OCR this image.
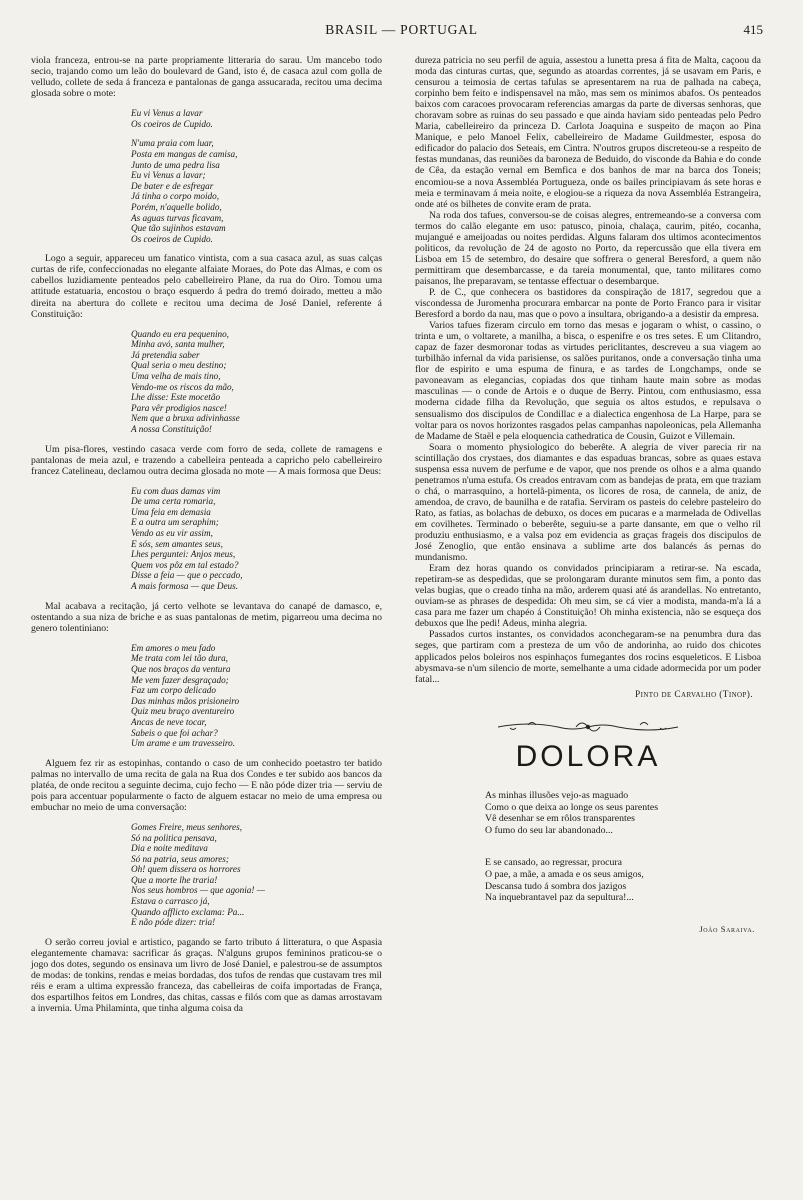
BRASIL — PORTUGAL	415

viola franceza, entrou-se na parte propriamente litteraria do sarau. Um mancebo todo secio, trajando como um leão do boulevard de Gand, isto é, de casaca azul com golla de velludo, collete de seda á franceza e pantalonas de ganga assucarada, recitou uma decima glosada sobre o mote:

Eu vi Venus a lavar
Os coeiros de Cupido.
N'uma praia com luar,
Posta em mangas de camisa,
Junto de uma pedra lisa
Eu vi Venus a lavar;
De bater e de esfregar
Já tinha o corpo moido,
Porém, n'aquelle bolido,
As aguas turvas ficavam,
Que tão sujinhos estavam
Os coeiros de Cupido.

Logo a seguir, appareceu um fanatico vintista, com a sua casaca azul, as suas calças curtas de rife, confeccionadas no elegante alfaiate Moraes, do Pote das Almas, e com os cabellos luzidiamente penteados pelo cabelleireiro Plane, da rua do Oiro. Tomou uma attitude estatuaria, encostou o braço esquerdo á pedra do tremó doirado, metteu a mão direita na abertura do collete e recitou uma decima de José Daniel, referente á Constituição:

Quando eu era pequenino,
Minha avó, santa mulher,
Já pretendia saber
Qual seria o meu destino;
Uma velha de mais tino,
Vendo-me os riscos da mão,
Lhe disse: Este mocetão
Para vêr prodigios nasce!
Nem que a bruxa adivinhasse
A nossa Constituição!

Um pisa-flores, vestindo casaca verde com forro de seda, collete de ramagens e pantalonas de meia azul, e trazendo a cabelleira penteada a capricho pelo cabelleireiro francez Catelineau, declamou outra decima glosada no mote — A mais formosa que Deus:

Eu com duas damas vim
De uma certa romaria,
Uma feia em demasia
E a outra um seraphim;
Vendo as eu vir assim,
E sós, sem amantes seus,
Lhes perguntei: Anjos meus,
Quem vos pôz em tal estado?
Disse a feia — que o peccado,
A mais formosa — que Deus.

Mal acabava a recitação, já certo velhote se levantava do canapé de damasco, e, ostentando a sua niza de briche e as suas pantalonas de metim, pigarreou uma decima no genero tolentiniano:

Em amores o meu fado
Me trata com lei tão dura,
Que nos braços da ventura
Me vem fazer desgraçado;
Faz um corpo delicado
Das minhas mãos prisioneiro
Quiz meu braço aventureiro
Ancas de neve tocar,
Sabeis o que foi achar?
Um arame e um travesseiro.

Alguem fez rir as estopinhas, contando o caso de um conhecido poetastro ter batido palmas no intervallo de uma recita de gala na Rua dos Condes e ter subido aos bancos da platéa, de onde recitou a seguinte decima, cujo fecho — E não póde dizer tria — serviu de pois para accentuar popularmente o facto de alguem estacar no meio de uma empresa ou embuchar no meio de uma conversação:

Gomes Freire, meus senhores,
Só na politica pensava,
Dia e noite meditava
Só na patria, seus amores;
Oh! quem dissera os horrores
Que a morte lhe traria!
Nos seus hombros — que agonia! —
Estava o carrasco já,
Quando afflicto exclama: Pa...
E não póde dizer: tria!

O serão correu jovial e artistico, pagando se farto tributo á litteratura, o que Aspasia elegantemente chamava: sacrificar ás graças. N'alguns grupos femininos praticou-se o jogo dos dotes, segundo os ensinava um livro de José Daniel, e palestrou-se de assumptos de modas: de tonkins, rendas e meias bordadas, dos tufos de rendas que custavam tres mil réis e eram a ultima expressão franceza, das cabelleiras de coifa importadas de França, dos espartilhos feitos em Londres, das chitas, cassas e filós com que as damas arrostavam a invernia. Uma Philaminta, que tinha alguma coisa da

dureza patricia no seu perfil de aguia, assestou a lunetta presa á fita de Malta, caçoou da moda das cinturas curtas, que, segundo as atoardas correntes, já se usavam em Paris, e censurou a teimosia de certas tafulas se apresentarem na rua de palhada na cabeça, corpinho bem feito e indispensavel na mão, mas sem os minimos abafos. Os penteados baixos com caracoes provocaram referencias amargas da parte de diversas senhoras, que choravam sobre as ruinas do seu passado e que ainda haviam sido penteadas pelo Pedro Maria, cabelleireiro da princeza D. Carlota Joaquina e suspeito de maçon ao Pina Manique, e pelo Manoel Felix, cabelleireiro de Madame Guildmester, esposa do edificador do palacio dos Seteais, em Cintra. N'outros grupos discreteou-se a respeito de festas mundanas, das reuniões da baroneza de Beduido, do visconde da Bahia e do conde de Cêa, da estação vernal em Bemfica e dos banhos de mar na barca dos Toneis; encomiou-se a nova Assembléa Portugueza, onde os bailes principiavam ás sete horas e meia e terminavam á meia noite, e elogiou-se a riqueza da nova Assembléa Estrangeira, onde até os bilhetes de convite eram de prata.

Na roda dos tafues, conversou-se de coisas alegres, entremeando-se a conversa com termos do calão elegante em uso: patusco, pinoia, chalaça, caurim, pitéo, cocanha, mujangué e ameijoadas ou noites perdidas. Alguns falaram dos ultimos acontecimentos politicos, da revolução de 24 de agosto no Porto, da repercussão que ella tivera em Lisboa em 15 de setembro, do desaire que soffrera o general Beresford, a quem não permittiram que desembarcasse, e da tareia monumental, que, tanto militares como paisanos, lhe preparavam, se tentasse effectuar o desembarque.

P. de C., que conhecera os bastidores da conspiração de 1817, segredou que a viscondessa de Juromenha procurara embarcar na ponte de Porto Franco para ir visitar Beresford a bordo da nau, mas que o povo a insultara, obrigando-a a desistir da empresa.

Varios tafues fizeram circulo em torno das mesas e jogaram o whist, o cassino, o trinta e um, o voltarete, a manilha, a bisca, o espenifre e os tres setes. E um Clitandro, capaz de fazer desmoronar todas as virtudes periclitantes, descreveu a sua viagem ao turbilhão infernal da vida parisiense, os salões puritanos, onde a conversação tinha uma flor de espirito e uma espuma de finura, e as tardes de Longchamps, onde se pavoneavam as elegancias, copiadas dos que tinham haute main sobre as modas masculinas — o conde de Artois e o duque de Berry. Pintou, com enthusiasmo, essa moderna cidade filha da Revolução, que seguia os altos estudos, e repulsava o sensualismo dos discipulos de Condillac e a dialectica engenhosa de La Harpe, para se voltar para os novos horizontes rasgados pelas campanhas napoleonicas, pela Allemanha de Madame de Staël e pela eloquencia cathedratica de Cousin, Guizot e Villemain.

Soara o momento physiologico do beberête. A alegria de viver parecia rir na scintillação dos crystaes, dos diamantes e das espaduas brancas, sobre as quaes estava suspensa essa nuvem de perfume e de vapor, que nos prende os olhos e a alma quando penetramos n'uma estufa. Os creados entravam com as bandejas de prata, em que traziam o chá, o marrasquino, a hortelã-pimenta, os licores de rosa, de cannela, de aniz, de amendoa, de cravo, de baunilha e de ratafia. Serviram os pasteis do celebre pasteleiro do Rato, as fatias, as bolachas de debuxo, os doces em pucaras e a marmelada de Odivellas em covilhetes. Terminado o beberête, seguiu-se a parte dansante, em que o velho ril produziu enthusiasmo, e a valsa poz em evidencia as graças frageis dos discipulos de José Zenoglio, que então ensinava a sublime arte dos balancés ás pernas do mundanismo.

Eram dez horas quando os convidados principiaram a retirar-se. Na escada, repetiram-se as despedidas, que se prolongaram durante minutos sem fim, a ponto das velas bugias, que o creado tinha na mão, arderem quasi até ás arandellas. No entretanto, ouviam-se as phrases de despedida: Oh meu sim, se cá vier a modista, manda-m'a lá a casa para me fazer um chapéo á Constituição! Oh minha existencia, não se esqueça dos debuxos que lhe pedi! Adeus, minha alegria.

Passados curtos instantes, os convidados aconchegaram-se na penumbra dura das seges, que partiram com a presteza de um vôo de andorinha, ao ruido dos chicotes applicados pelos boleiros nos espinhaços fumegantes dos rocins esqueleticos. E Lisboa abysmava-se n'um silencio de morte, semelhante a uma cidade adormecida por um poder fatal...

Pinto de Carvalho (Tinop).
DOLORA
As minhas illusões vejo-as maguado
Como o que deixa ao longe os seus parentes
Vê desenhar se em rôlos transparentes
O fumo do seu lar abandonado...
E se cansado, ao regressar, procura
O pae, a mãe, a amada e os seus amigos,
Descansa tudo á sombra dos jazigos
Na inquebrantavel paz da sepultura!...
João Saraiva.
